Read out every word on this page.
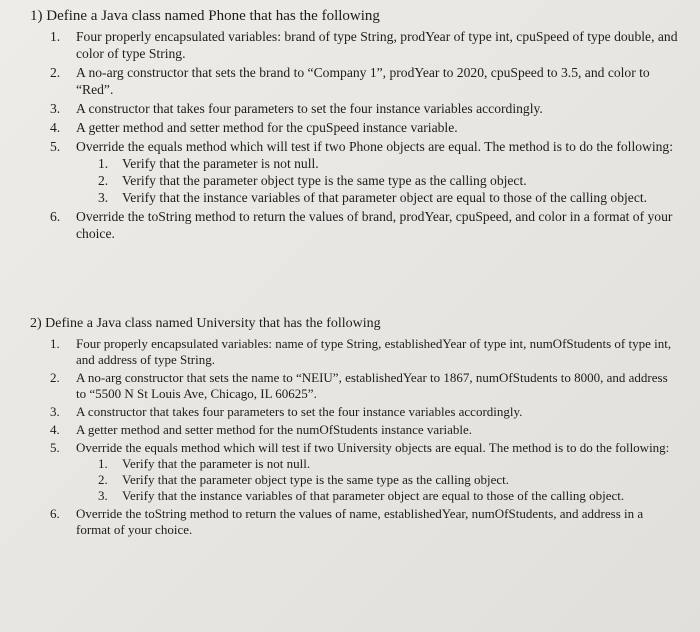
1) Define a Java class named Phone that has the following
1. Four properly encapsulated variables: brand of type String, prodYear of type int, cpuSpeed of type double, and color of type String.
2. A no-arg constructor that sets the brand to “Company 1”, prodYear to 2020, cpuSpeed to 3.5, and color to “Red”.
3. A constructor that takes four parameters to set the four instance variables accordingly.
4. A getter method and setter method for the cpuSpeed instance variable.
5. Override the equals method which will test if two Phone objects are equal. The method is to do the following:
1. Verify that the parameter is not null.
2. Verify that the parameter object type is the same type as the calling object.
3. Verify that the instance variables of that parameter object are equal to those of the calling object.
6. Override the toString method to return the values of brand, prodYear, cpuSpeed, and color in a format of your choice.
2) Define a Java class named University that has the following
1. Four properly encapsulated variables: name of type String, establishedYear of type int, numOfStudents of type int, and address of type String.
2. A no-arg constructor that sets the name to “NEIU”, establishedYear to 1867, numOfStudents to 8000, and address to “5500 N St Louis Ave, Chicago, IL 60625”.
3. A constructor that takes four parameters to set the four instance variables accordingly.
4. A getter method and setter method for the numOfStudents instance variable.
5. Override the equals method which will test if two University objects are equal. The method is to do the following:
1. Verify that the parameter is not null.
2. Verify that the parameter object type is the same type as the calling object.
3. Verify that the instance variables of that parameter object are equal to those of the calling object.
6. Override the toString method to return the values of name, establishedYear, numOfStudents, and address in a format of your choice.
